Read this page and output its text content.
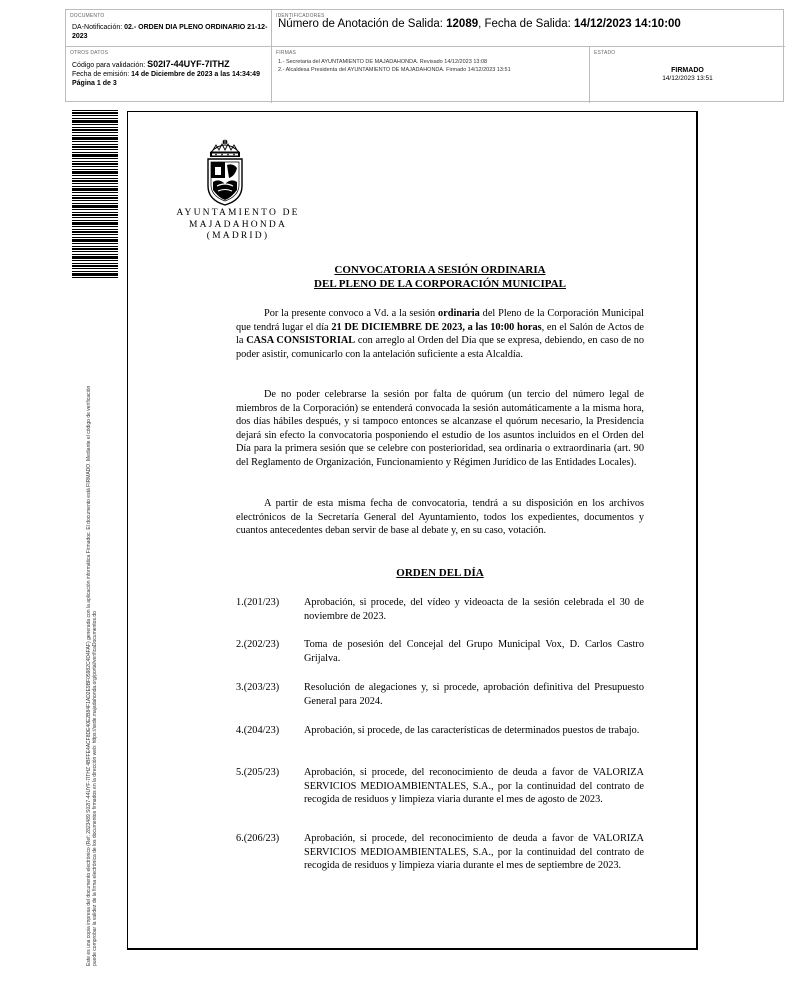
DOCUMENTO
DA-Notificación: 02.- ORDEN DIA PLENO ORDINARIO 21-12-2023
IDENTIFICADORES
Número de Anotación de Salida: 12089, Fecha de Salida: 14/12/2023 14:10:00
OTROS DATOS
Código para validación: S02I7-44UYF-7ITHZ
Fecha de emisión: 14 de Diciembre de 2023 a las 14:34:49
Página 1 de 3
FIRMAS
1.- Secretaria del AYUNTAMIENTO DE MAJADAHONDA. Revisado 14/12/2023 13:08
2.- Alcaldesa Presidenta del AYUNTAMIENTO DE MAJADAHONDA. Firmado 14/12/2023 13:51
ESTADO
FIRMADO
14/12/2023 13:51
Este es una copia impresa del documento electrónico (Ref: 2823489 S02I7-44UYF-7ITHZ 4BFFE4ACF8DE40E2B84F1AD2E9BF05982C4D4FAF) generada con la aplicación informática Firmadoc. El documento está FIRMADO. Mediante el código de verificación puede comprobar la validez de la firma electrónica de los documentos firmados en la dirección web: https://sede.majadahonda.org/portal/verificaDocumentos.do
AYUNTAMIENTO DE
MAJADAHONDA
(MADRID)
CONVOCATORIA A SESIÓN ORDINARIA
DEL PLENO DE LA CORPORACIÓN MUNICIPAL

Por la presente convoco a Vd. a la sesión ordinaria del Pleno de la Corporación Municipal que tendrá lugar el día 21 DE DICIEMBRE DE 2023, a las 10:00 horas, en el Salón de Actos de la CASA CONSISTORIAL con arreglo al Orden del Día que se expresa, debiendo, en caso de no poder asistir, comunicarlo con la antelación suficiente a esta Alcaldía.

De no poder celebrarse la sesión por falta de quórum (un tercio del número legal de miembros de la Corporación) se entenderá convocada la sesión automáticamente a la misma hora, dos días hábiles después, y si tampoco entonces se alcanzase el quórum necesario, la Presidencia dejará sin efecto la convocatoria posponiendo el estudio de los asuntos incluidos en el Orden del Día para la primera sesión que se celebre con posterioridad, sea ordinaria o extraordinaria (art. 90 del Reglamento de Organización, Funcionamiento y Régimen Jurídico de las Entidades Locales).

A partir de esta misma fecha de convocatoria, tendrá a su disposición en los archivos electrónicos de la Secretaría General del Ayuntamiento, todos los expedientes, documentos y cuantos antecedentes deban servir de base al debate y, en su caso, votación.

ORDEN DEL DÍA
1.(201/23)	Aprobación, si procede, del vídeo y videoacta de la sesión celebrada el 30 de noviembre de 2023.
2.(202/23)	Toma de posesión del Concejal del Grupo Municipal Vox, D. Carlos Castro Grijalva.
3.(203/23)	Resolución de alegaciones y, si procede, aprobación definitiva del Presupuesto General para 2024.
4.(204/23)	Aprobación, si procede, de las características de determinados puestos de trabajo.
5.(205/23)	Aprobación, si procede, del reconocimiento de deuda a favor de VALORIZA SERVICIOS MEDIOAMBIENTALES, S.A., por la continuidad del contrato de recogida de residuos y limpieza viaria durante el mes de agosto de 2023.
6.(206/23)	Aprobación, si procede, del reconocimiento de deuda a favor de VALORIZA SERVICIOS MEDIOAMBIENTALES, S.A., por la continuidad del contrato de recogida de residuos y limpieza viaria durante el mes de septiembre de 2023.
